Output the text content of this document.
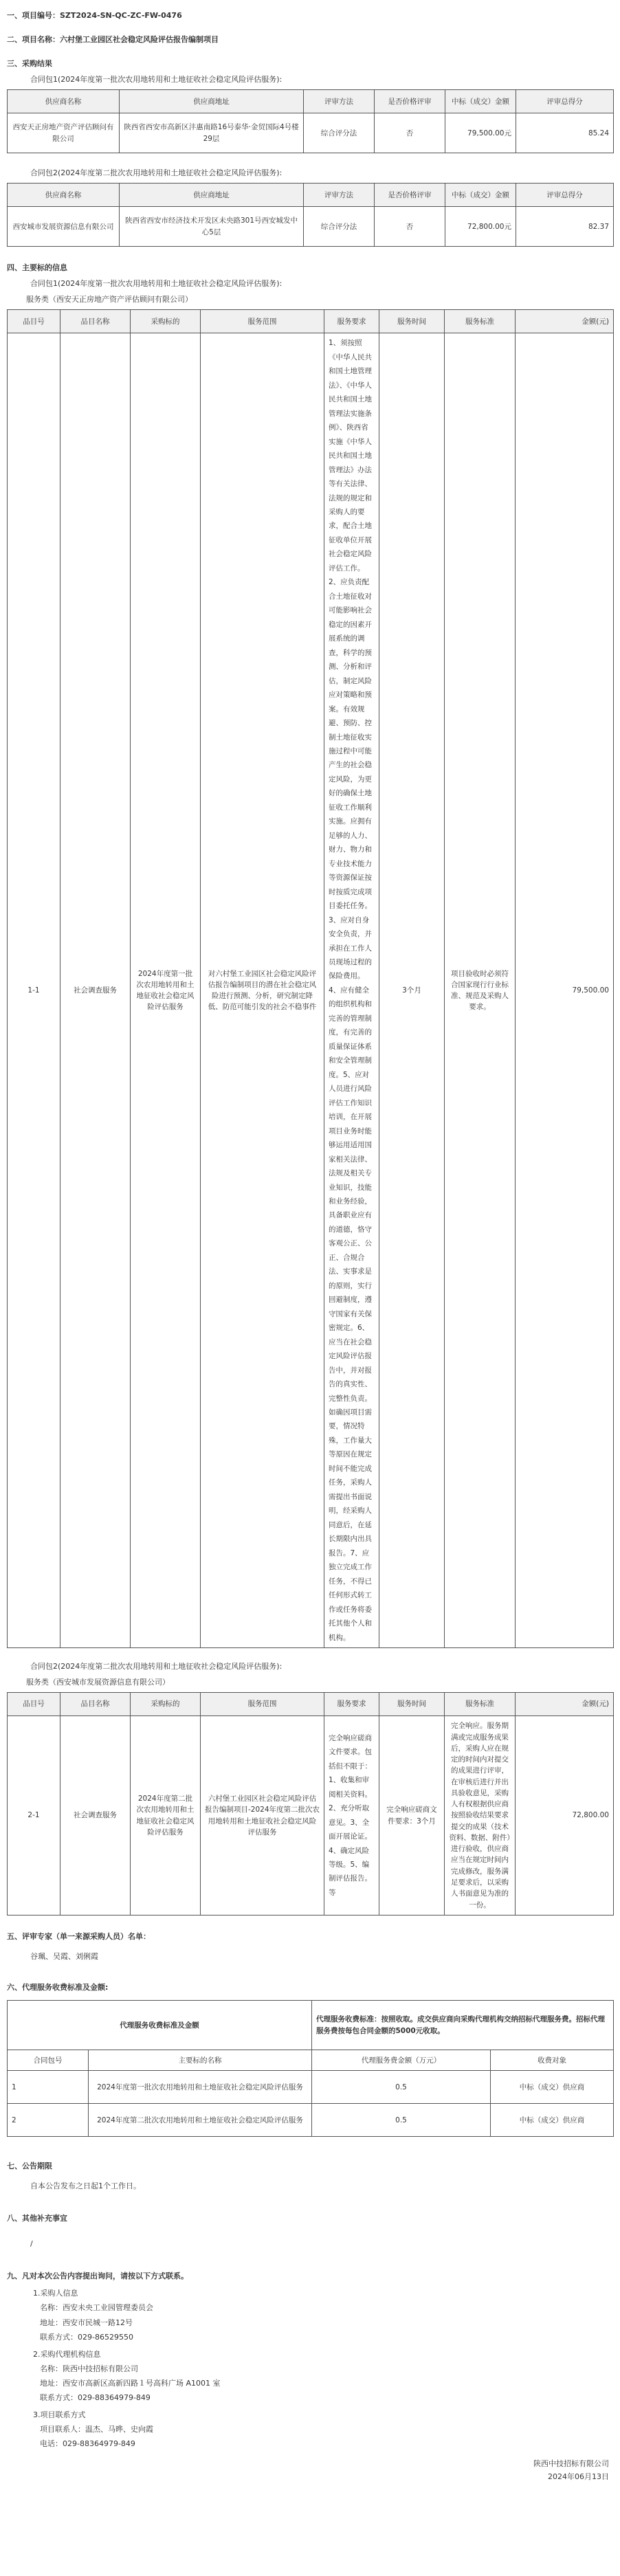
一、项目编号：SZT2024-SN-QC-ZC-FW-0476
二、项目名称：六村堡工业园区社会稳定风险评估报告编制项目
三、采购结果
合同包1(2024年度第一批次农用地转用和土地征收社会稳定风险评估服务):
供应商名称	供应商地址	评审方法	是否价格评审	中标（成交）金额	评审总得分
西安天正房地产资产评估顾问有限公司	陕西省西安市高新区沣惠南路16号泰华·金贸国际4号楼29层	综合评分法	否	79,500.00元	85.24
合同包2(2024年度第二批次农用地转用和土地征收社会稳定风险评估服务):
供应商名称	供应商地址	评审方法	是否价格评审	中标（成交）金额	评审总得分
西安城市发展资源信息有限公司	陕西省西安市经济技术开发区未央路301号西安城发中心5层	综合评分法	否	72,800.00元	82.37
四、主要标的信息
合同包1(2024年度第一批次农用地转用和土地征收社会稳定风险评估服务):
服务类（西安天正房地产资产评估顾问有限公司）
品目号	品目名称	采购标的	服务范围	服务要求	服务时间	服务标准	金额(元)
1-1	社会调查服务	2024年度第一批次农用地转用和土地征收社会稳定风险评估服务	对六村堡工业园区社会稳定风险评估报告编制项目的潜在社会稳定风险进行预测、分析，研究制定降低、防范可能引发的社会不稳事件	1、须按照《中华人民共和国土地管理法》、《中华人民共和国土地管理法实施条例》、陕西省实施《中华人民共和国土地管理法》办法等有关法律、法规的规定和采购人的要求，配合土地征收单位开展社会稳定风险评估工作。2、应负责配合土地征收对可能影响社会稳定的因素开展系统的调查，科学的预测、分析和评估，制定风险应对策略和预案。有效规避、预防、控制土地征收实施过程中可能产生的社会稳定风险，为更好的确保土地征收工作顺利实施。应拥有足够的人力、财力、物力和专业技术能力等资源保证按时按质完成项目委托任务。3、应对自身安全负责，并承担在工作人员现场过程的保险费用。4、应有健全的组织机构和完善的管理制度，有完善的质量保证体系和安全管理制度。5、应对人员进行风险评估工作知识培训，在开展项目业务时能够运用适用国家相关法律、法规及相关专业知识，技能和业务经验，具备职业应有的道德，恪守客观公正、公正、合规合法、实事求是的原则，实行回避制度，遵守国家有关保密规定。6、应当在社会稳定风险评估报告中，并对报告的真实性、完整性负责。如确因项目需要，情况特殊，工作量大等原因在规定时间不能完成任务，采购人需提出书面说明，经采购人同意后，在延长期限内出具报告。7、应独立完成工作任务，不得已任何形式转工作或任务将委托其他个人和机构。	3个月	项目验收时必须符合国家现行行业标准、规范及采购人要求。	79,500.00
合同包2(2024年度第二批次农用地转用和土地征收社会稳定风险评估服务):
服务类（西安城市发展资源信息有限公司）
品目号	品目名称	采购标的	服务范围	服务要求	服务时间	服务标准	金额(元)
2-1	社会调查服务	2024年度第二批次农用地转用和土地征收社会稳定风险评估服务	六村堡工业园区社会稳定风险评估报告编制项目-2024年度第二批次农用地转用和土地征收社会稳定风险评估服务	完全响应磋商文件要求。包括但不限于：1、收集和审阅相关资料。2、充分听取意见。3、全面开展论证。4、确定风险等级。5、编制评估报告。等	完全响应磋商文件要求：3个月	完全响应。服务期满或完成服务成果后，采购人应在规定的时间内对提交的成果进行评审，在审核后进行并出具验收意见，采购人有权根据供应商按照验收结果要求提交的成果（技术资料、数据、附件）进行验收，供应商应当在规定时间内完成修改，服务满足要求后，以采购人书面意见为准的一份。	72,800.00
五、评审专家（单一来源采购人员）名单：
谷珮、吴霞、刘俐霞
六、代理服务收费标准及金额:
代理服务收费标准及金额		代理服务收费标准：按照收取。成交供应商向采购代理机构交纳招标代理服务费。招标代理服务费按每包合同金额的5000元收取。	
合同包号	主要标的名称	代理服务费金额（万元）	收费对象
1	2024年度第一批次农用地转用和土地征收社会稳定风险评估服务	0.5	中标（成交）供应商
2	2024年度第二批次农用地转用和土地征收社会稳定风险评估服务	0.5	中标（成交）供应商
七、公告期限
自本公告发布之日起1个工作日。
八、其他补充事宜
/
九、凡对本次公告内容提出询问，请按以下方式联系。
1.采购人信息
名称：西安未央工业园管理委员会
地址：西安市民城一路12号
联系方式：029-86529550
2.采购代理机构信息
名称：陕西中技招标有限公司
地址：西安市高新区高新四路１号高科广场 A1001 室
联系方式：029-88364979-849
3.项目联系方式
项目联系人：温杰、马晔、史向霞
电话：029-88364979-849
陕西中技招标有限公司
2024年06月13日
